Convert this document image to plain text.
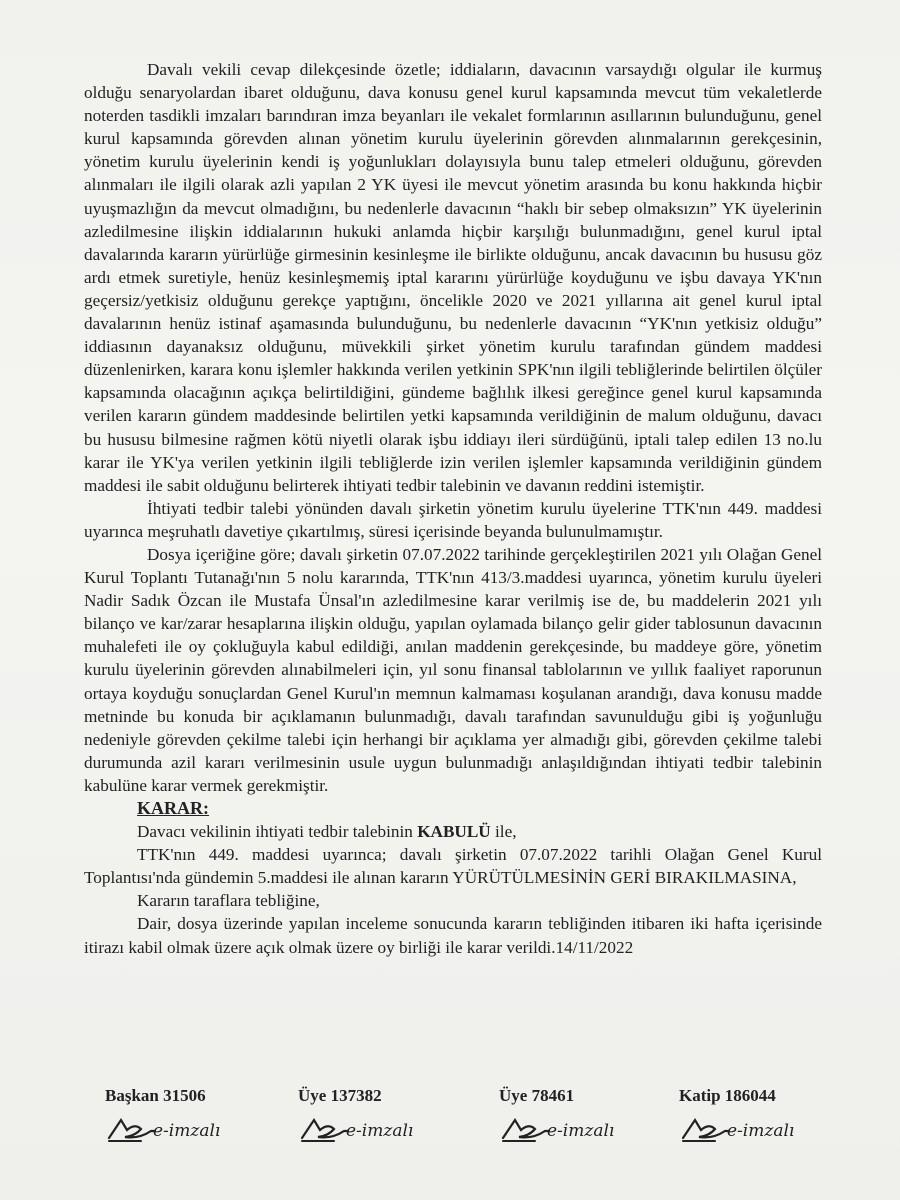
Davalı vekili cevap dilekçesinde özetle; iddiaların, davacının varsaydığı olgular ile kurmuş olduğu senaryolardan ibaret olduğunu, dava konusu genel kurul kapsamında mevcut tüm vekaletlerde noterden tasdikli imzaları barındıran imza beyanları ile vekalet formlarının asıllarının bulunduğunu, genel kurul kapsamında görevden alınan yönetim kurulu üyelerinin görevden alınmalarının gerekçesinin, yönetim kurulu üyelerinin kendi iş yoğunlukları dolayısıyla bunu talep etmeleri olduğunu, görevden alınmaları ile ilgili olarak azli yapılan 2 YK üyesi ile mevcut yönetim arasında bu konu hakkında hiçbir uyuşmazlığın da mevcut olmadığını, bu nedenlerle davacının “haklı bir sebep olmaksızın” YK üyelerinin azledilmesine ilişkin iddialarının hukuki anlamda hiçbir karşılığı bulunmadığını, genel kurul iptal davalarında kararın yürürlüğe girmesinin kesinleşme ile birlikte olduğunu, ancak davacının bu hususu göz ardı etmek suretiyle, henüz kesinleşmemiş iptal kararını yürürlüğe koyduğunu ve işbu davaya YK'nın geçersiz/yetkisiz olduğunu gerekçe yaptığını, öncelikle 2020 ve 2021 yıllarına ait genel kurul iptal davalarının henüz istinaf aşamasında bulunduğunu, bu nedenlerle davacının “YK'nın yetkisiz olduğu” iddiasının dayanaksız olduğunu, müvekkili şirket yönetim kurulu tarafından gündem maddesi düzenlenirken, karara konu işlemler hakkında verilen yetkinin SPK'nın ilgili tebliğlerinde belirtilen ölçüler kapsamında olacağının açıkça belirtildiğini, gündeme bağlılık ilkesi gereğince genel kurul kapsamında verilen kararın gündem maddesinde belirtilen yetki kapsamında verildiğinin de malum olduğunu, davacı bu hususu bilmesine rağmen kötü niyetli olarak işbu iddiayı ileri sürdüğünü, iptali talep edilen 13 no.lu karar ile YK'ya verilen yetkinin ilgili tebliğlerde izin verilen işlemler kapsamında verildiğinin gündem maddesi ile sabit olduğunu belirterek ihtiyati tedbir talebinin ve davanın reddini istemiştir.

İhtiyati tedbir talebi yönünden davalı şirketin yönetim kurulu üyelerine TTK'nın 449. maddesi uyarınca meşruhatlı davetiye çıkartılmış, süresi içerisinde beyanda bulunulmamıştır.

Dosya içeriğine göre; davalı şirketin 07.07.2022 tarihinde gerçekleştirilen 2021 yılı Olağan Genel Kurul Toplantı Tutanağı'nın 5 nolu kararında, TTK'nın 413/3.maddesi uyarınca, yönetim kurulu üyeleri Nadir Sadık Özcan ile Mustafa Ünsal'ın azledilmesine karar verilmiş ise de, bu maddelerin 2021 yılı bilanço ve kar/zarar hesaplarına ilişkin olduğu, yapılan oylamada bilanço gelir gider tablosunun davacının muhalefeti ile oy çokluğuyla kabul edildiği, anılan maddenin gerekçesinde, bu maddeye göre, yönetim kurulu üyelerinin görevden alınabilmeleri için, yıl sonu finansal tablolarının ve yıllık faaliyet raporunun ortaya koyduğu sonuçlardan Genel Kurul'ın memnun kalmaması koşulanan arandığı, dava konusu madde metninde bu konuda bir açıklamanın bulunmadığı, davalı tarafından savunulduğu gibi iş yoğunluğu nedeniyle görevden çekilme talebi için herhangi bir açıklama yer almadığı gibi, görevden çekilme talebi durumunda azil kararı verilmesinin usule uygun bulunmadığı anlaşıldığından ihtiyati tedbir talebinin kabulüne karar vermek gerekmiştir.

KARAR:

Davacı vekilinin ihtiyati tedbir talebinin KABULÜ ile,

TTK'nın 449. maddesi uyarınca; davalı şirketin 07.07.2022 tarihli Olağan Genel Kurul Toplantısı'nda gündemin 5.maddesi ile alınan kararın YÜRÜTÜLMESİNİN GERİ BIRAKILMASINA,

Kararın taraflara tebliğine,

Dair, dosya üzerinde yapılan inceleme sonucunda kararın tebliğinden itibaren iki hafta içerisinde itirazı kabil olmak üzere açık olmak üzere oy birliği ile karar verildi.14/11/2022

Başkan 31506
e-imzalı
Üye 137382
e-imzalı
Üye 78461
e-imzalı
Katip 186044
e-imzalı
